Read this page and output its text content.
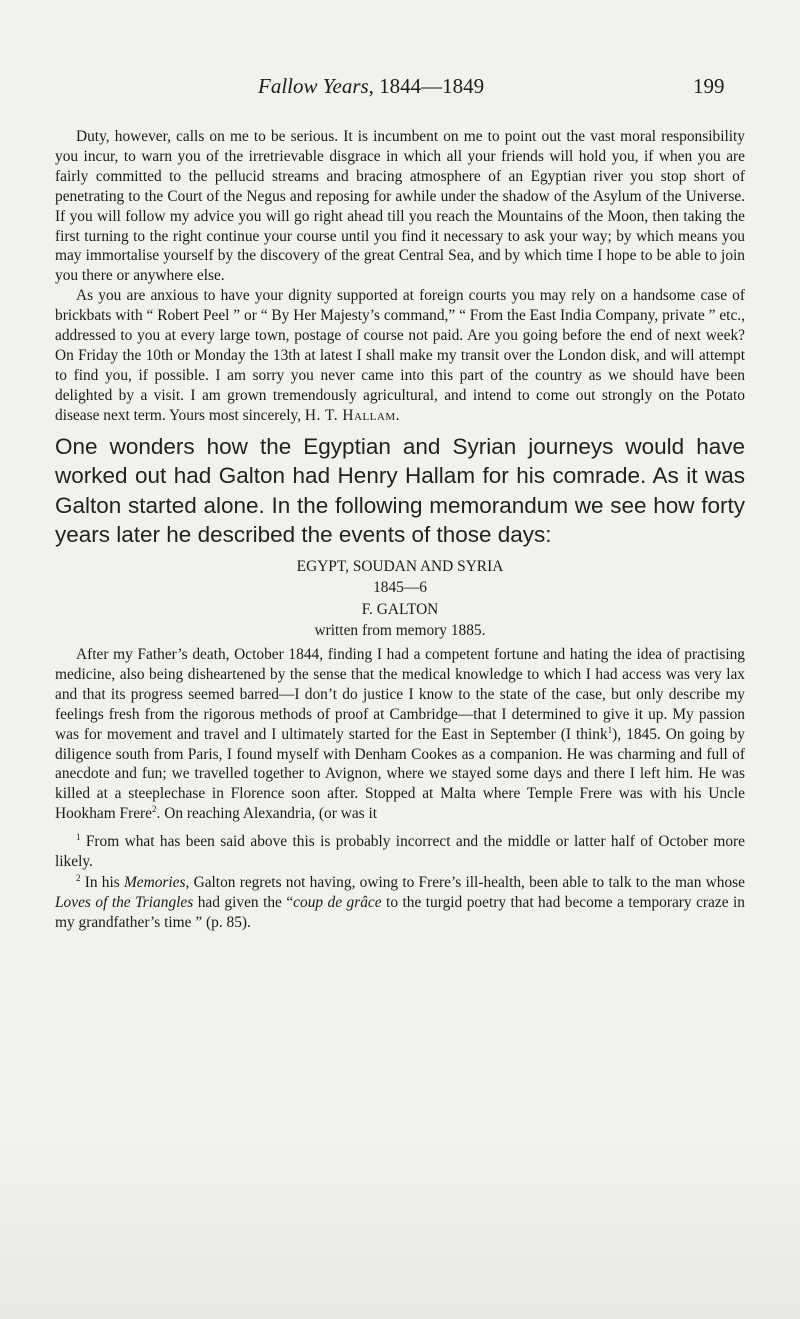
Fallow Years, 1844—1849	199

Duty, however, calls on me to be serious. It is incumbent on me to point out the vast moral responsibility you incur, to warn you of the irretrievable disgrace in which all your friends will hold you, if when you are fairly committed to the pellucid streams and bracing atmosphere of an Egyptian river you stop short of penetrating to the Court of the Negus and reposing for awhile under the shadow of the Asylum of the Universe. If you will follow my advice you will go right ahead till you reach the Mountains of the Moon, then taking the first turning to the right continue your course until you find it necessary to ask your way; by which means you may immortalise yourself by the discovery of the great Central Sea, and by which time I hope to be able to join you there or anywhere else.

As you are anxious to have your dignity supported at foreign courts you may rely on a handsome case of brickbats with “ Robert Peel ” or “ By Her Majesty’s command,” “ From the East India Company, private ” etc., addressed to you at every large town, postage of course not paid. Are you going before the end of next week? On Friday the 10th or Monday the 13th at latest I shall make my transit over the London disk, and will attempt to find you, if possible. I am sorry you never came into this part of the country as we should have been delighted by a visit. I am grown tremendously agricultural, and intend to come out strongly on the Potato disease next term. Yours most sincerely, H. T. Hallam.

One wonders how the Egyptian and Syrian journeys would have worked out had Galton had Henry Hallam for his comrade. As it was Galton started alone. In the following memorandum we see how forty years later he described the events of those days:

EGYPT, SOUDAN AND SYRIA
1845—6
F. GALTON
written from memory 1885.

After my Father’s death, October 1844, finding I had a competent fortune and hating the idea of practising medicine, also being disheartened by the sense that the medical knowledge to which I had access was very lax and that its progress seemed barred—I don’t do justice I know to the state of the case, but only describe my feelings fresh from the rigorous methods of proof at Cambridge—that I determined to give it up. My passion was for movement and travel and I ultimately started for the East in September (I think$^1$), 1845. On going by diligence south from Paris, I found myself with Denham Cookes as a companion. He was charming and full of anecdote and fun; we travelled together to Avignon, where we stayed some days and there I left him. He was killed at a steeplechase in Florence soon after. Stopped at Malta where Temple Frere was with his Uncle Hookham Frere$^2$. On reaching Alexandria, (or was it

$^1$ From what has been said above this is probably incorrect and the middle or latter half of October more likely.

$^2$ In his Memories, Galton regrets not having, owing to Frere’s ill-health, been able to talk to the man whose Loves of the Triangles had given the “coup de grâce to the turgid poetry that had become a temporary craze in my grandfather’s time ” (p. 85).
